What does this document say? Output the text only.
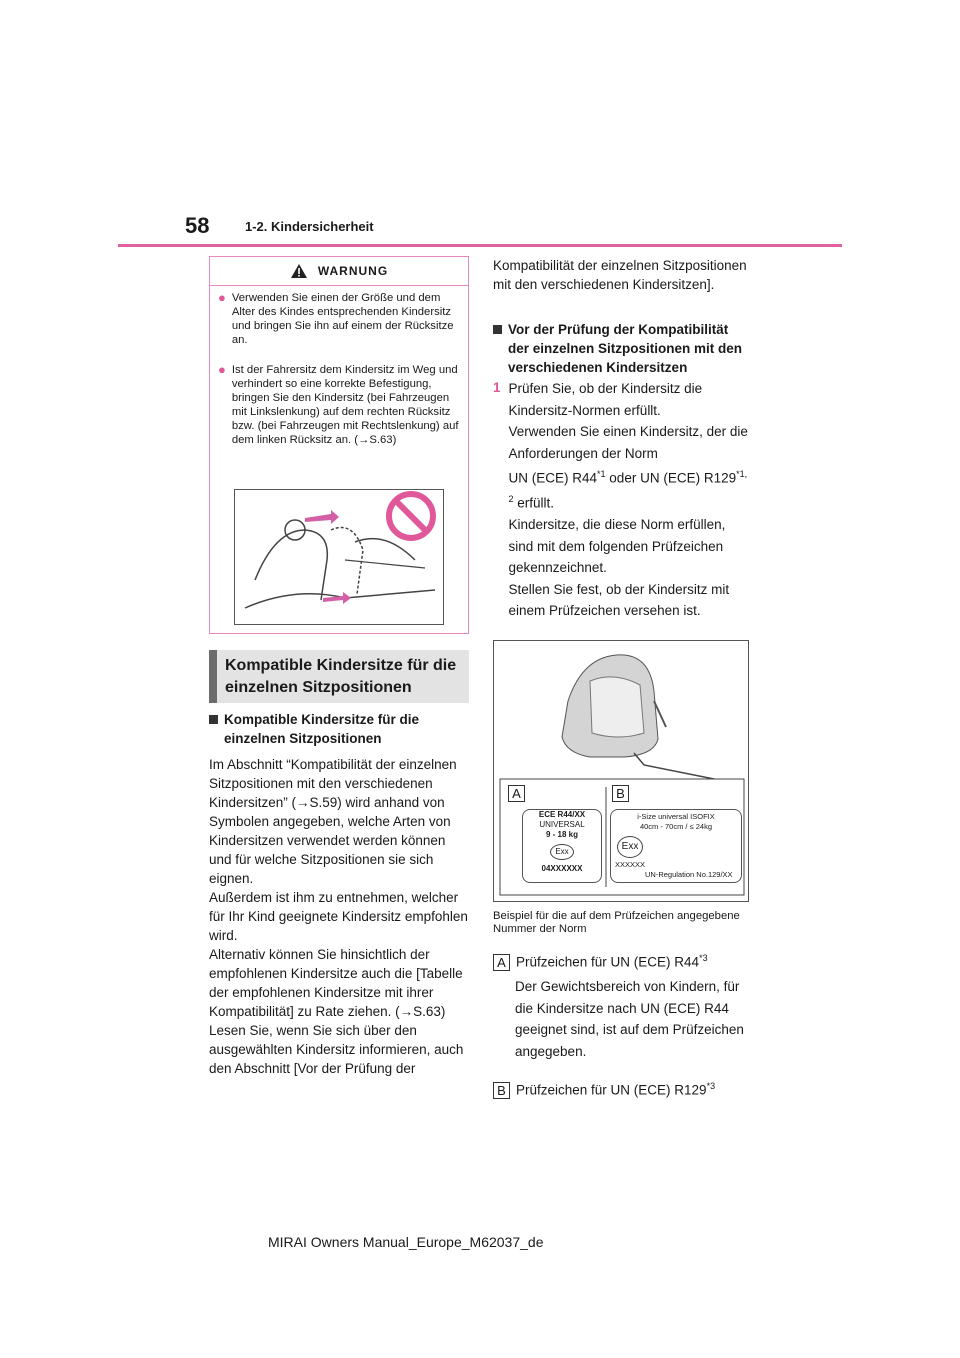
58	1-2. Kindersicherheit
WARNUNG
● Verwenden Sie einen der Größe und dem Alter des Kindes entsprechenden Kindersitz und bringen Sie ihn auf einem der Rücksitze an.
● Ist der Fahrersitz dem Kindersitz im Weg und verhindert so eine korrekte Befestigung, bringen Sie den Kindersitz (bei Fahrzeugen mit Linkslenkung) auf dem rechten Rücksitz bzw. (bei Fahrzeugen mit Rechtslenkung) auf dem linken Rücksitz an. (→S.63)
Kompatible Kindersitze für die einzelnen Sitzpositionen
Kompatible Kindersitze für die einzelnen Sitzpositionen
Im Abschnitt “Kompatibilität der einzelnen Sitzpositionen mit den verschiedenen Kindersitzen” (→S.59) wird anhand von Symbolen angegeben, welche Arten von Kindersitzen verwendet werden können und für welche Sitzpositionen sie sich eignen.
Außerdem ist ihm zu entnehmen, welcher für Ihr Kind geeignete Kindersitz empfohlen wird.
Alternativ können Sie hinsichtlich der empfohlenen Kindersitze auch die [Tabelle der empfohlenen Kindersitze mit ihrer Kompatibilität] zu Rate ziehen. (→S.63)
Lesen Sie, wenn Sie sich über den ausgewählten Kindersitz informieren, auch den Abschnitt [Vor der Prüfung der
Kompatibilität der einzelnen Sitzpositionen mit den verschiedenen Kindersitzen].
Vor der Prüfung der Kompatibilität der einzelnen Sitzpositionen mit den verschiedenen Kindersitzen
1 Prüfen Sie, ob der Kindersitz die Kindersitz-Normen erfüllt.
Verwenden Sie einen Kindersitz, der die Anforderungen der Norm
UN (ECE) R44$^{*1}$ oder UN (ECE) R129$^{*1, 2}$ erfüllt.
Kindersitze, die diese Norm erfüllen, sind mit dem folgenden Prüfzeichen gekennzeichnet.
Stellen Sie fest, ob der Kindersitz mit einem Prüfzeichen versehen ist.
A	B
ECE R44/XX
UNIVERSAL
9 - 18 kg
Exx
04XXXXXX
i-Size universal ISOFIX
40cm - 70cm / ≤ 24kg
Exx
XXXXXX
UN-Regulation No.129/XX
Beispiel für die auf dem Prüfzeichen angegebene Nummer der Norm
A Prüfzeichen für UN (ECE) R44$^{*3}$
Der Gewichtsbereich von Kindern, für die Kindersitze nach UN (ECE) R44 geeignet sind, ist auf dem Prüfzeichen angegeben.
B Prüfzeichen für UN (ECE) R129$^{*3}$
MIRAI Owners Manual_Europe_M62037_de
